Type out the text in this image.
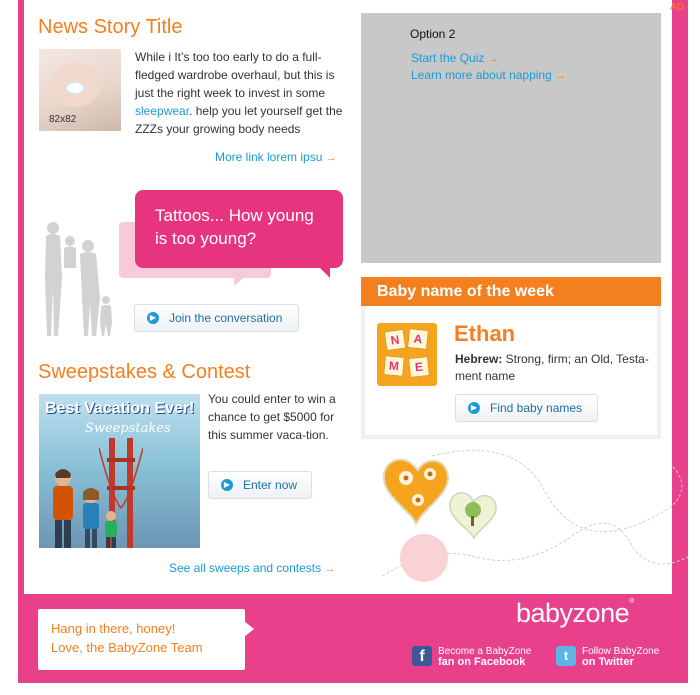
AD
News Story Title
82x82
While i It’s too too early to do a full-fledged wardrobe overhaul, but this is just the right week to invest in some sleepwear. help you let yourself get the ZZZs your growing body needs
More link lorem ipsu →
Tattoos... How young is too young?
▶ Join the conversation
Sweepstakes & Contest
Best Vacation Ever!
Sweepstakes
You could enter to win a chance to get $5000 for this summer vaca-tion.
▶ Enter now
See all sweeps and contests →
Option 2
Start the Quiz →
Learn more about napping →
Baby name of the week
N	A
M	E
Ethan
Hebrew: Strong, firm; an Old, Testa-ment name
▶ Find baby names
Hang in there, honey!
Love, the BabyZone Team
babyzone®
f	Become a BabyZone
fan on Facebook	t	Follow BabyZone
on Twitter
